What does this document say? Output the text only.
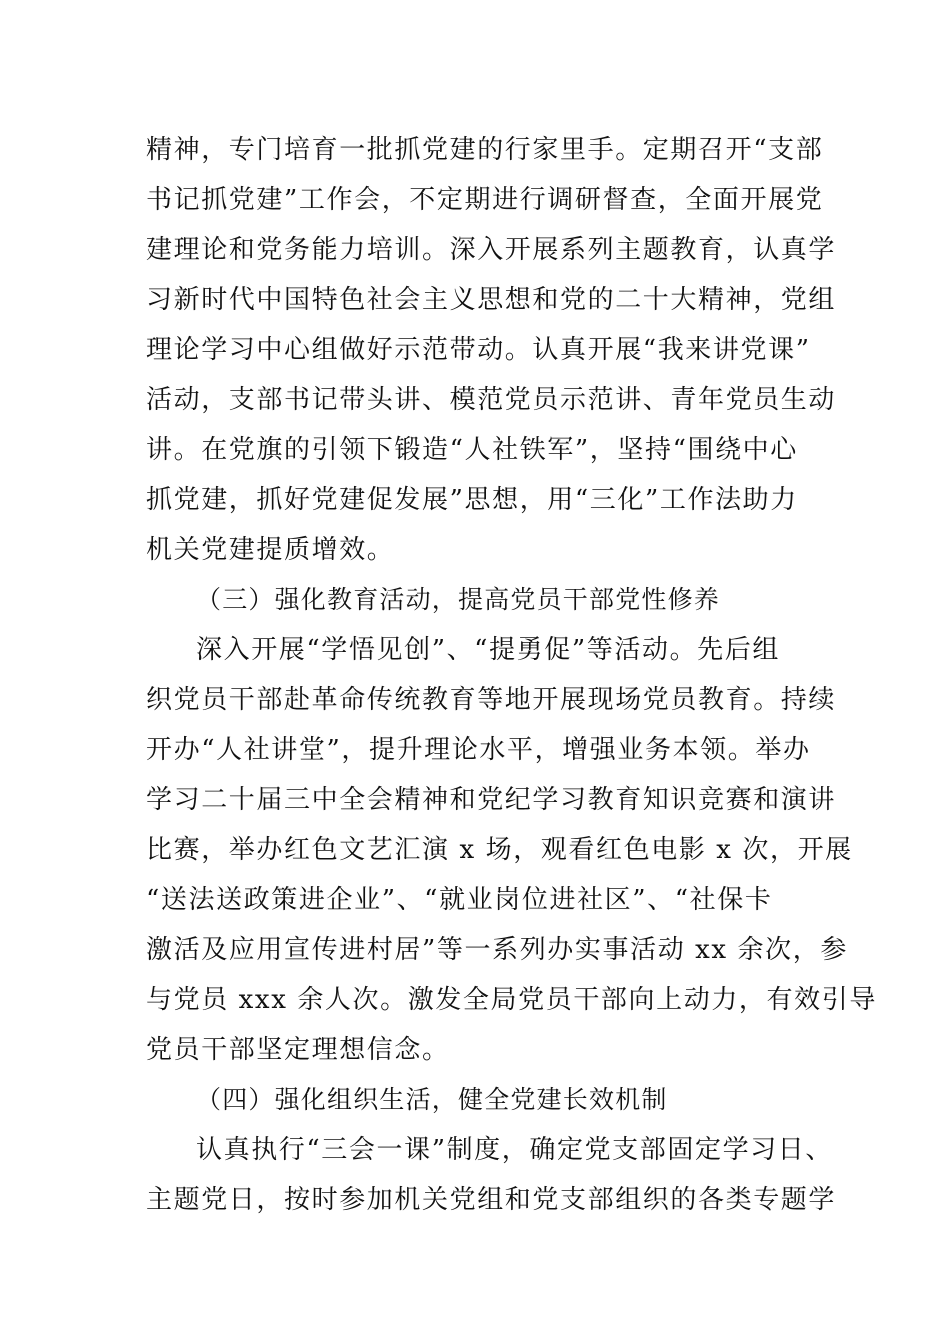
精神，专门培育一批抓党建的行家里手。定期召开“支部
书记抓党建”工作会，不定期进行调研督查，全面开展党
建理论和党务能力培训。深入开展系列主题教育，认真学
习新时代中国特色社会主义思想和党的二十大精神，党组
理论学习中心组做好示范带动。认真开展“我来讲党课”
活动，支部书记带头讲、模范党员示范讲、青年党员生动
讲。在党旗的引领下锻造“人社铁军”，坚持“围绕中心
抓党建，抓好党建促发展”思想，用“三化”工作法助力
机关党建提质增效。
（三）强化教育活动，提高党员干部党性修养
深入开展“学悟见创”、“提勇促”等活动。先后组
织党员干部赴革命传统教育等地开展现场党员教育。持续
开办“人社讲堂”，提升理论水平，增强业务本领。举办
学习二十届三中全会精神和党纪学习教育知识竞赛和演讲
比赛，举办红色文艺汇演 x 场，观看红色电影 x 次，开展
“送法送政策进企业”、“就业岗位进社区”、“社保卡
激活及应用宣传进村居”等一系列办实事活动 xx 余次，参
与党员 xxx 余人次。激发全局党员干部向上动力，有效引导
党员干部坚定理想信念。
（四）强化组织生活，健全党建长效机制
认真执行“三会一课”制度，确定党支部固定学习日、
主题党日，按时参加机关党组和党支部组织的各类专题学
